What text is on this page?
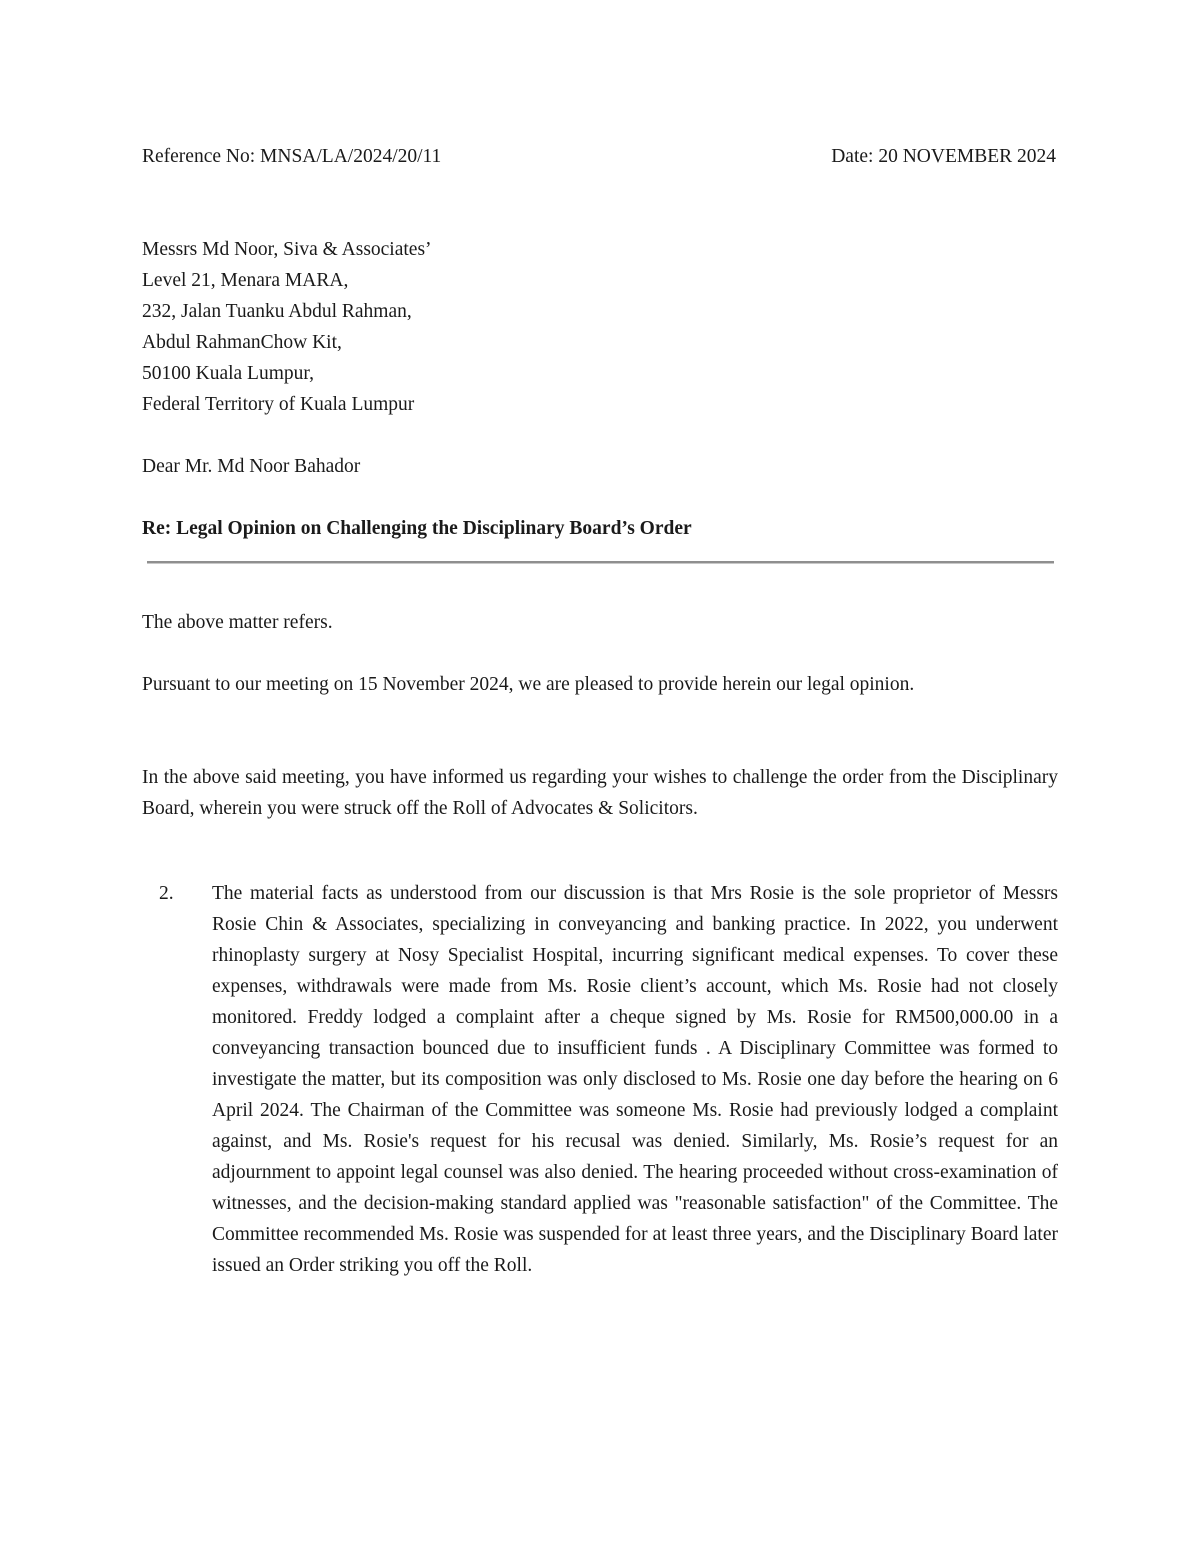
Reference No: MNSA/LA/2024/20/11	Date: 20 NOVEMBER 2024
Messrs Md Noor, Siva & Associates’
Level 21, Menara MARA,
232, Jalan Tuanku Abdul Rahman,
Abdul RahmanChow Kit,
50100 Kuala Lumpur,
Federal Territory of Kuala Lumpur
Dear Mr. Md Noor Bahador
Re: Legal Opinion on Challenging the Disciplinary Board’s Order
The above matter refers.
Pursuant to our meeting on 15 November 2024, we are pleased to provide herein our legal opinion.
In the above said meeting, you have informed us regarding your wishes to challenge the order from the Disciplinary Board, wherein you were struck off the Roll of Advocates & Solicitors.
2. The material facts as understood from our discussion is that Mrs Rosie is the sole proprietor of Messrs Rosie Chin & Associates, specializing in conveyancing and banking practice. In 2022, you underwent rhinoplasty surgery at Nosy Specialist Hospital, incurring significant medical expenses. To cover these expenses, withdrawals were made from Ms. Rosie client’s account, which Ms. Rosie had not closely monitored. Freddy lodged a complaint after a cheque signed by Ms. Rosie for RM500,000.00 in a conveyancing transaction bounced due to insufficient funds . A Disciplinary Committee was formed to investigate the matter, but its composition was only disclosed to Ms. Rosie one day before the hearing on 6 April 2024. The Chairman of the Committee was someone Ms. Rosie had previously lodged a complaint against, and Ms. Rosie's request for his recusal was denied. Similarly, Ms. Rosie’s request for an adjournment to appoint legal counsel was also denied. The hearing proceeded without cross-examination of witnesses, and the decision-making standard applied was "reasonable satisfaction" of the Committee. The Committee recommended Ms. Rosie was suspended for at least three years, and the Disciplinary Board later issued an Order striking you off the Roll.
